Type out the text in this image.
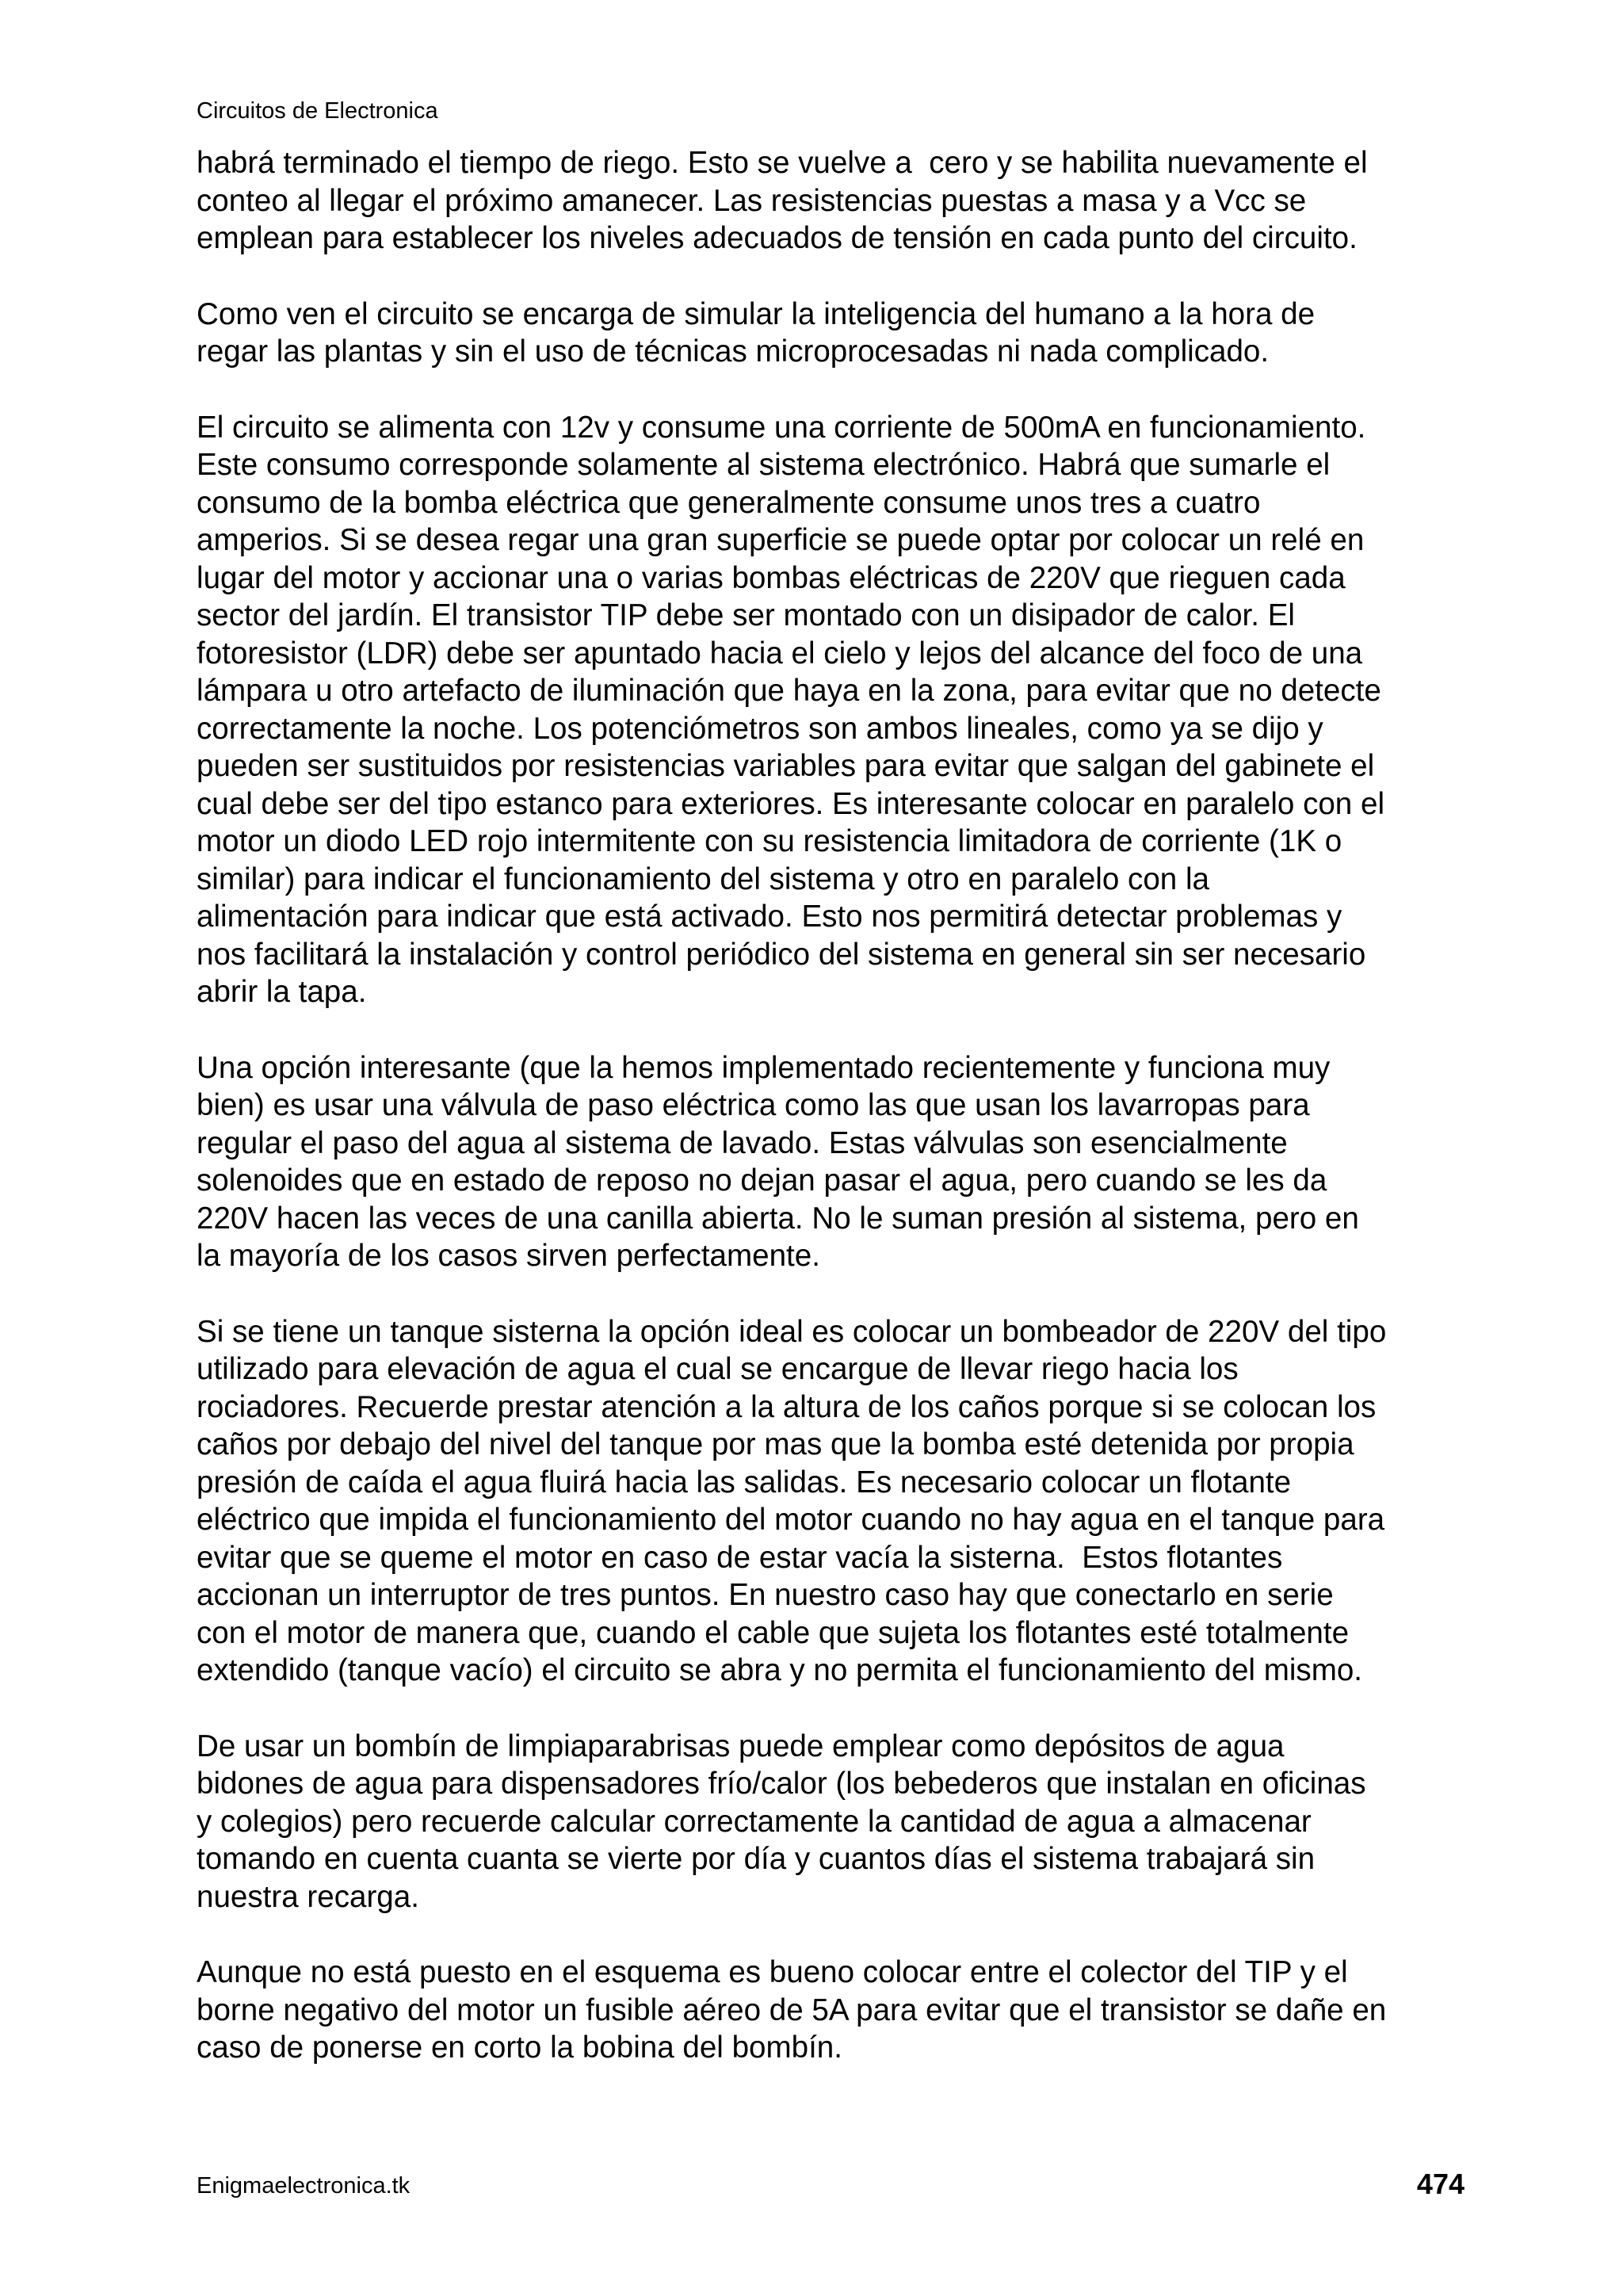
Circuitos de Electronica
habrá terminado el tiempo de riego. Esto se vuelve a  cero y se habilita nuevamente el
conteo al llegar el próximo amanecer. Las resistencias puestas a masa y a Vcc se
emplean para establecer los niveles adecuados de tensión en cada punto del circuito.
Como ven el circuito se encarga de simular la inteligencia del humano a la hora de
regar las plantas y sin el uso de técnicas microprocesadas ni nada complicado.
El circuito se alimenta con 12v y consume una corriente de 500mA en funcionamiento.
Este consumo corresponde solamente al sistema electrónico. Habrá que sumarle el
consumo de la bomba eléctrica que generalmente consume unos tres a cuatro
amperios. Si se desea regar una gran superficie se puede optar por colocar un relé en
lugar del motor y accionar una o varias bombas eléctricas de 220V que rieguen cada
sector del jardín. El transistor TIP debe ser montado con un disipador de calor. El
fotoresistor (LDR) debe ser apuntado hacia el cielo y lejos del alcance del foco de una
lámpara u otro artefacto de iluminación que haya en la zona, para evitar que no detecte
correctamente la noche. Los potenciómetros son ambos lineales, como ya se dijo y
pueden ser sustituidos por resistencias variables para evitar que salgan del gabinete el
cual debe ser del tipo estanco para exteriores. Es interesante colocar en paralelo con el
motor un diodo LED rojo intermitente con su resistencia limitadora de corriente (1K o
similar) para indicar el funcionamiento del sistema y otro en paralelo con la
alimentación para indicar que está activado. Esto nos permitirá detectar problemas y
nos facilitará la instalación y control periódico del sistema en general sin ser necesario
abrir la tapa.
Una opción interesante (que la hemos implementado recientemente y funciona muy
bien) es usar una válvula de paso eléctrica como las que usan los lavarropas para
regular el paso del agua al sistema de lavado. Estas válvulas son esencialmente
solenoides que en estado de reposo no dejan pasar el agua, pero cuando se les da
220V hacen las veces de una canilla abierta. No le suman presión al sistema, pero en
la mayoría de los casos sirven perfectamente.
Si se tiene un tanque sisterna la opción ideal es colocar un bombeador de 220V del tipo
utilizado para elevación de agua el cual se encargue de llevar riego hacia los
rociadores. Recuerde prestar atención a la altura de los caños porque si se colocan los
caños por debajo del nivel del tanque por mas que la bomba esté detenida por propia
presión de caída el agua fluirá hacia las salidas. Es necesario colocar un flotante
eléctrico que impida el funcionamiento del motor cuando no hay agua en el tanque para
evitar que se queme el motor en caso de estar vacía la sisterna.  Estos flotantes
accionan un interruptor de tres puntos. En nuestro caso hay que conectarlo en serie
con el motor de manera que, cuando el cable que sujeta los flotantes esté totalmente
extendido (tanque vacío) el circuito se abra y no permita el funcionamiento del mismo.
De usar un bombín de limpiaparabrisas puede emplear como depósitos de agua
bidones de agua para dispensadores frío/calor (los bebederos que instalan en oficinas
y colegios) pero recuerde calcular correctamente la cantidad de agua a almacenar
tomando en cuenta cuanta se vierte por día y cuantos días el sistema trabajará sin
nuestra recarga.
Aunque no está puesto en el esquema es bueno colocar entre el colector del TIP y el
borne negativo del motor un fusible aéreo de 5A para evitar que el transistor se dañe en
caso de ponerse en corto la bobina del bombín.
Enigmaelectronica.tk	474
